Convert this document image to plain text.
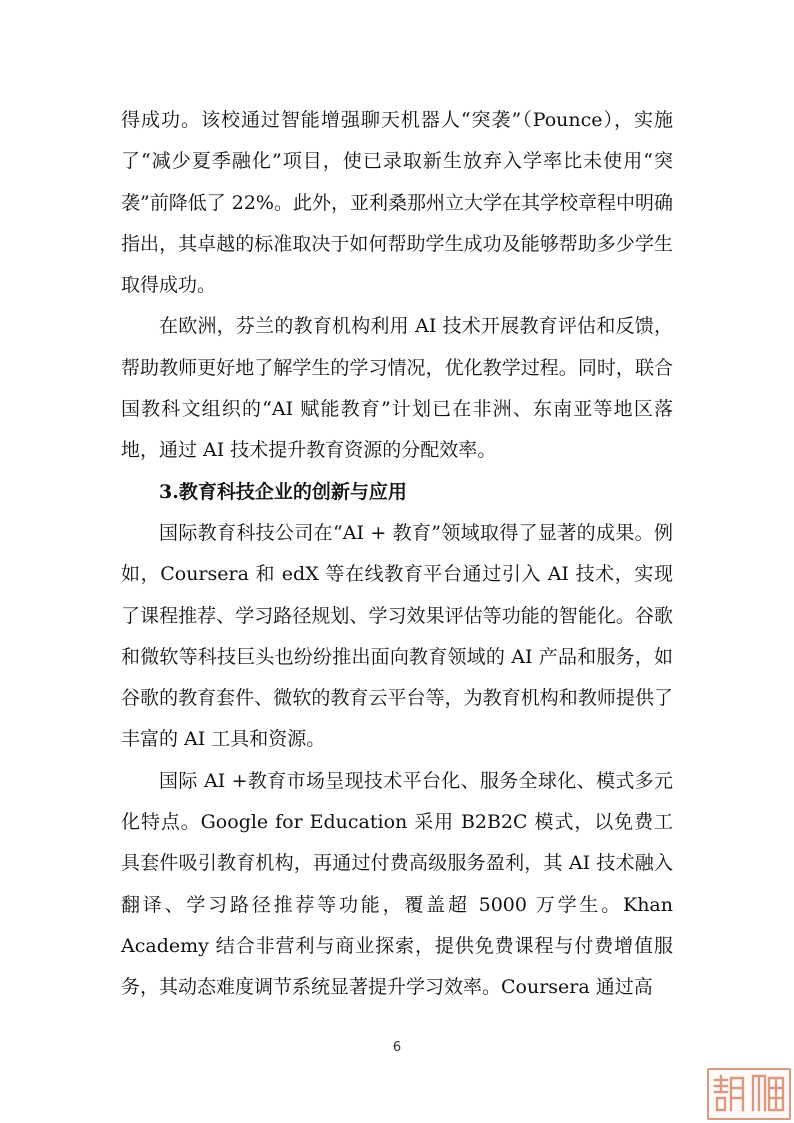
得成功。该校通过智能增强聊天机器人“突袭”（Pounce），实施了“减少夏季融化”项目，使已录取新生放弃入学率比未使用“突袭”前降低了 22%。此外，亚利桑那州立大学在其学校章程中明确指出，其卓越的标准取决于如何帮助学生成功及能够帮助多少学生取得成功。

在欧洲，芬兰的教育机构利用 AI 技术开展教育评估和反馈，帮助教师更好地了解学生的学习情况，优化教学过程。同时，联合国教科文组织的“AI 赋能教育”计划已在非洲、东南亚等地区落地，通过 AI 技术提升教育资源的分配效率。

3.教育科技企业的创新与应用

国际教育科技公司在“AI + 教育”领域取得了显著的成果。例如，Coursera 和 edX 等在线教育平台通过引入 AI 技术，实现了课程推荐、学习路径规划、学习效果评估等功能的智能化。谷歌和微软等科技巨头也纷纷推出面向教育领域的 AI 产品和服务，如谷歌的教育套件、微软的教育云平台等，为教育机构和教师提供了丰富的 AI 工具和资源。

国际 AI +教育市场呈现技术平台化、服务全球化、模式多元化特点。Google for Education 采用 B2B2C 模式，以免费工具套件吸引教育机构，再通过付费高级服务盈利，其 AI 技术融入翻译、学习路径推荐等功能，覆盖超 5000 万学生。Khan Academy 结合非营利与商业探索，提供免费课程与付费增值服务，其动态难度调节系统显著提升学习效率。Coursera 通过高

6
